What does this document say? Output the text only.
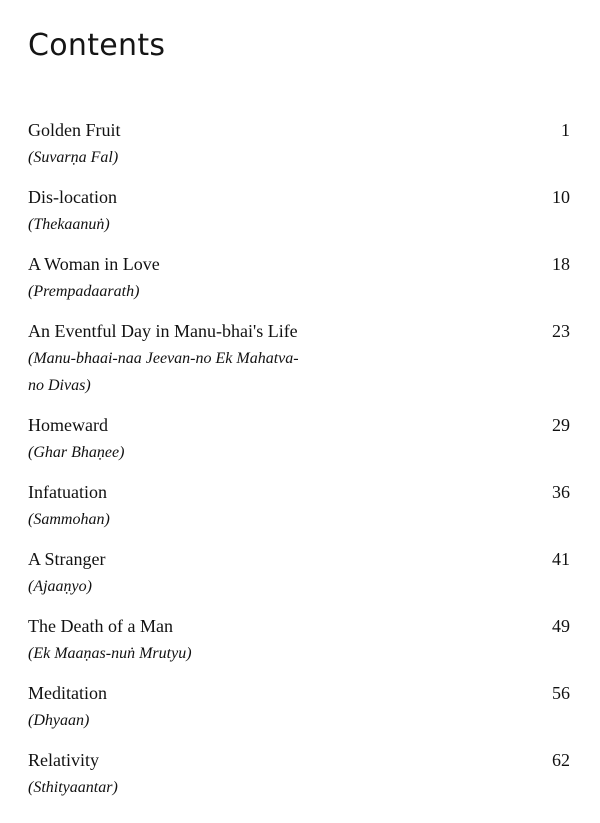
Contents
Golden Fruit	1
(Suvarṇa Fal)
Dis-location	10
(Thekaanuṅ)
A Woman in Love	18
(Prempadaarath)
An Eventful Day in Manu-bhai's Life	23
(Manu-bhaai-naa Jeevan-no Ek Mahatva-no Divas)
Homeward	29
(Ghar Bhaṇee)
Infatuation	36
(Sammohan)
A Stranger	41
(Ajaaṇyo)
The Death of a Man	49
(Ek Maaṇas-nuṅ Mrutyu)
Meditation	56
(Dhyaan)
Relativity	62
(Sthityaantar)
